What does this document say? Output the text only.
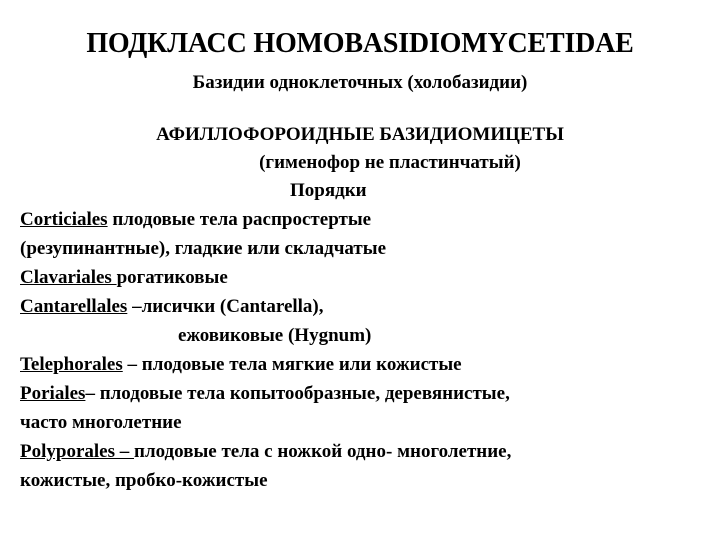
ПОДКЛАСС HOMOBASIDIOMYCETIDAE
Базидии одноклеточных (холобазидии)
АФИЛЛОФОРОИДНЫЕ БАЗИДИОМИЦЕТЫ
(гименофор не пластинчатый)
Порядки
Corticiales плодовые тела распростертые
(резупинантные), гладкие или складчатые
Clavariales рогатиковые
Cantarellales –лисички (Cantarella),
ежовиковые (Hygnum)
Telephorales – плодовые тела мягкие или кожистые
Poriales– плодовые тела копытообразные, деревянистые,
часто многолетние
Polyporales – плодовые тела с ножкой одно- многолетние,
кожистые, пробко-кожистые
